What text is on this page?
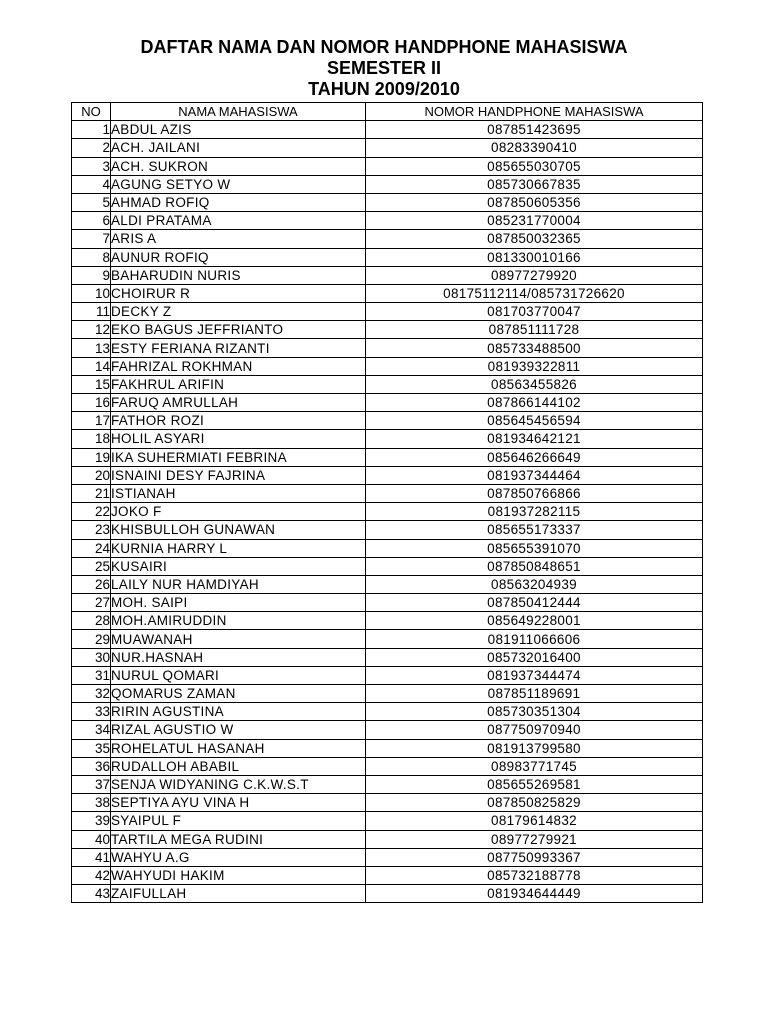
DAFTAR NAMA DAN NOMOR HANDPHONE MAHASISWA
SEMESTER II
TAHUN 2009/2010
NO	NAMA MAHASISWA	NOMOR HANDPHONE MAHASISWA
1	ABDUL AZIS	087851423695
2	ACH. JAILANI	08283390410
3	ACH. SUKRON	085655030705
4	AGUNG SETYO W	085730667835
5	AHMAD ROFIQ	087850605356
6	ALDI PRATAMA	085231770004
7	ARIS A	087850032365
8	AUNUR ROFIQ	081330010166
9	BAHARUDIN NURIS	08977279920
10	CHOIRUR R	08175112114/085731726620
11	DECKY Z	081703770047
12	EKO BAGUS JEFFRIANTO	087851111728
13	ESTY FERIANA RIZANTI	085733488500
14	FAHRIZAL ROKHMAN	081939322811
15	FAKHRUL ARIFIN	08563455826
16	FARUQ AMRULLAH	087866144102
17	FATHOR ROZI	085645456594
18	HOLIL ASYARI	081934642121
19	IKA SUHERMIATI FEBRINA	085646266649
20	ISNAINI DESY FAJRINA	081937344464
21	ISTIANAH	087850766866
22	JOKO F	081937282115
23	KHISBULLOH GUNAWAN	085655173337
24	KURNIA HARRY L	085655391070
25	KUSAIRI	087850848651
26	LAILY NUR HAMDIYAH	08563204939
27	MOH. SAIPI	087850412444
28	MOH.AMIRUDDIN	085649228001
29	MUAWANAH	081911066606
30	NUR.HASNAH	085732016400
31	NURUL QOMARI	081937344474
32	QOMARUS ZAMAN	087851189691
33	RIRIN AGUSTINA	085730351304
34	RIZAL AGUSTIO W	087750970940
35	ROHELATUL HASANAH	081913799580
36	RUDALLOH ABABIL	08983771745
37	SENJA WIDYANING C.K.W.S.T	085655269581
38	SEPTIYA AYU VINA H	087850825829
39	SYAIPUL F	08179614832
40	TARTILA MEGA RUDINI	08977279921
41	WAHYU A.G	087750993367
42	WAHYUDI HAKIM	085732188778
43	ZAIFULLAH	081934644449
